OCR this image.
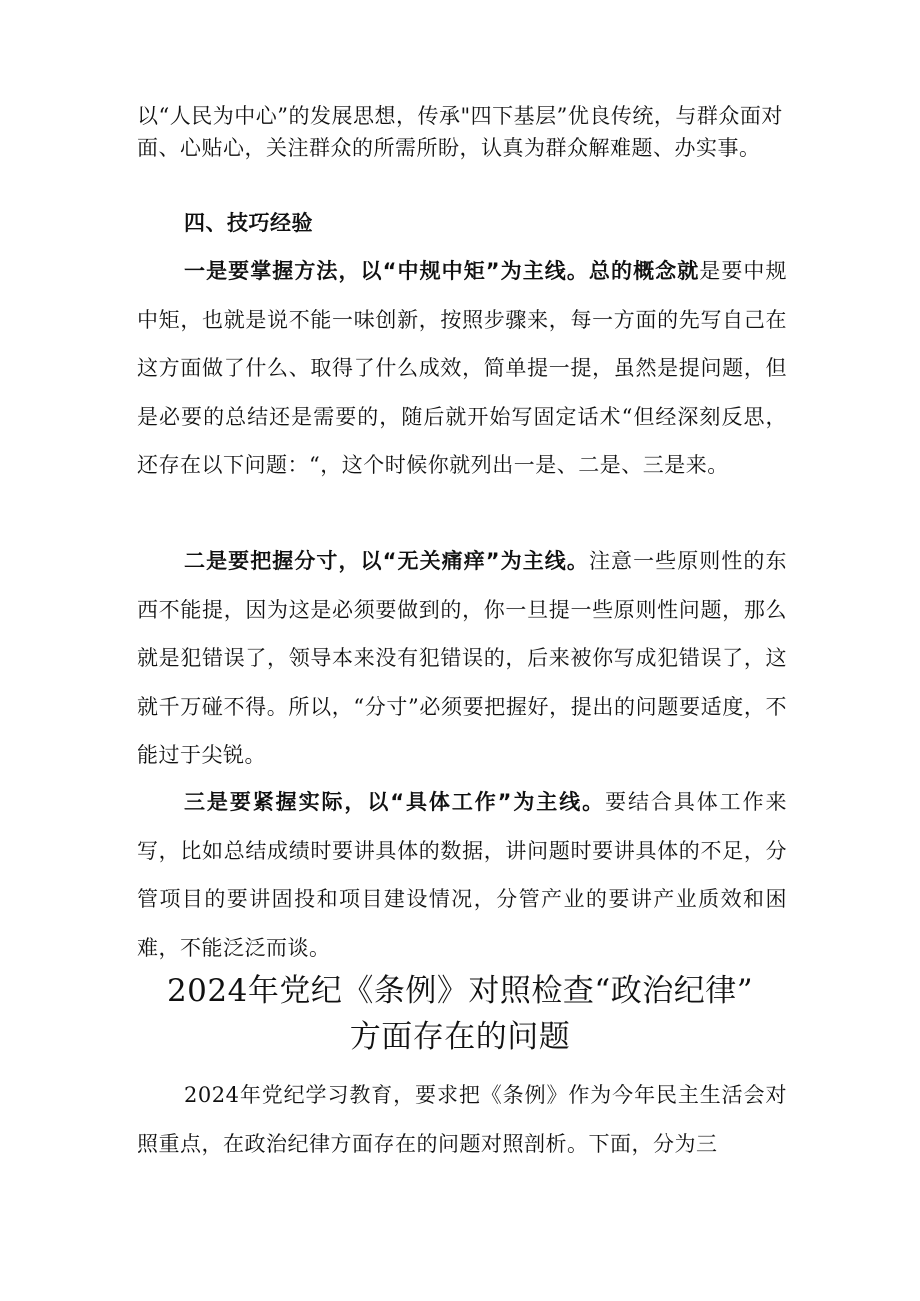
以“人民为中心”的发展思想，传承"四下基层”优良传统，与群众面对面、心贴心，关注群众的所需所盼，认真为群众解难题、办实事。

四、技巧经验

一是要掌握方法，以“中规中矩”为主线。总的概念就是要中规中矩，也就是说不能一味创新，按照步骤来，每一方面的先写自己在这方面做了什么、取得了什么成效，简单提一提，虽然是提问题，但是必要的总结还是需要的，随后就开始写固定话术“但经深刻反思，还存在以下问题：“，这个时候你就列出一是、二是、三是来。

二是要把握分寸，以“无关痛痒”为主线。注意一些原则性的东西不能提，因为这是必须要做到的，你一旦提一些原则性问题，那么就是犯错误了，领导本来没有犯错误的，后来被你写成犯错误了，这就千万碰不得。所以，“分寸”必须要把握好，提出的问题要适度，不能过于尖锐。

三是要紧握实际，以“具体工作”为主线。要结合具体工作来写，比如总结成绩时要讲具体的数据，讲问题时要讲具体的不足，分管项目的要讲固投和项目建设情况，分管产业的要讲产业质效和困难，不能泛泛而谈。

2024年党纪《条例》对照检查“政治纪律”
方面存在的问题

2024年党纪学习教育，要求把《条例》作为今年民主生活会对照重点，在政治纪律方面存在的问题对照剖析。下面，分为三
